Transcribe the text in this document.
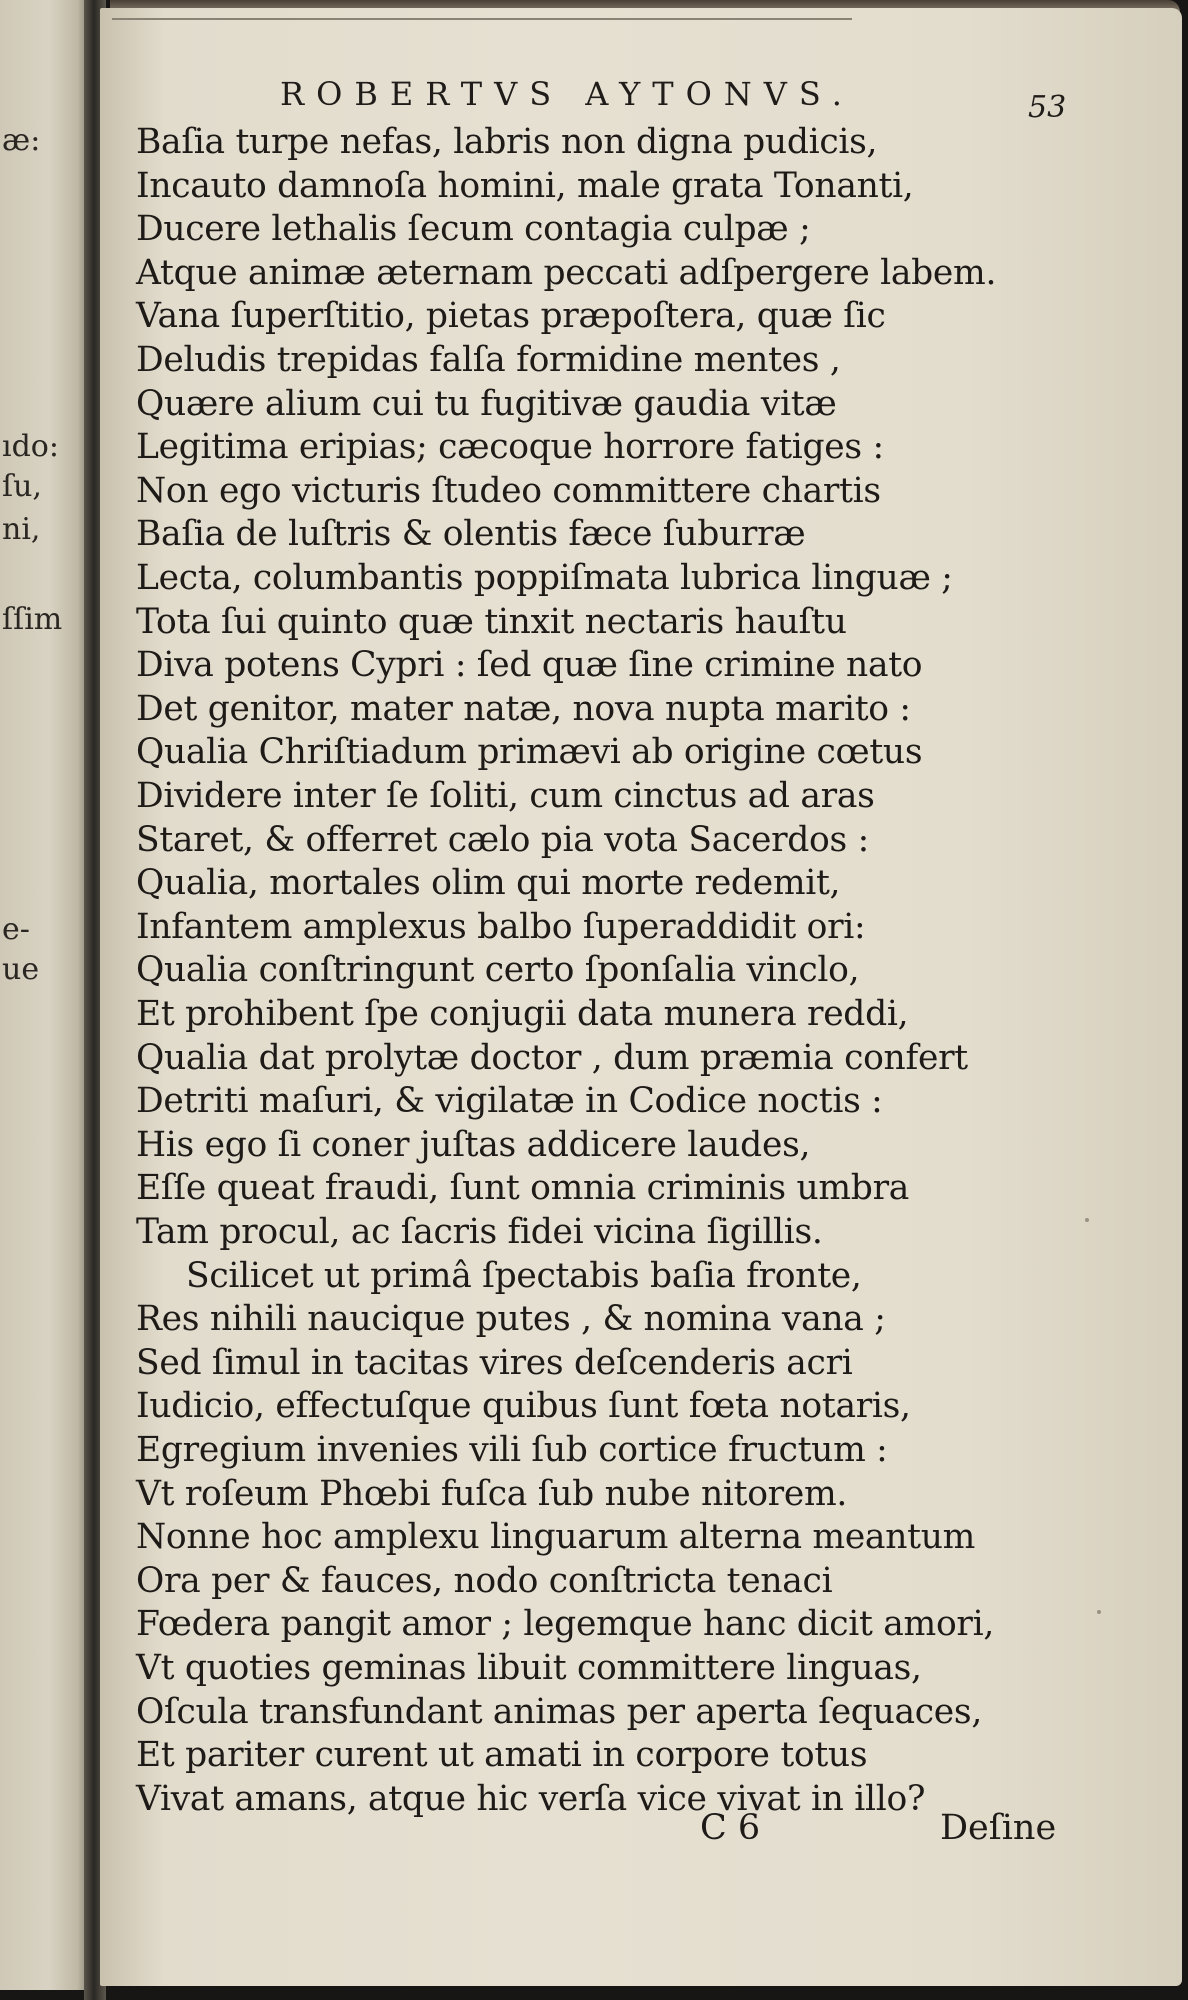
æ:
ıdo:
ſu,
ni,
ſſim
e-
ue
ROBERTVS AYTONVS.	53
Baſia turpe nefas, labris non digna pudicis,
Incauto damnoſa homini, male grata Tonanti,
Ducere lethalis ſecum contagia culpæ ;
Atque animæ æternam peccati adſpergere labem.
Vana ſuperſtitio, pietas præpoſtera, quæ ſic
Deludis trepidas falſa formidine mentes ,
Quære alium cui tu fugitivæ gaudia vitæ
Legitima eripias; cæcoque horrore fatiges :
Non ego victuris ſtudeo committere chartis
Baſia de luſtris & olentis fæce ſuburræ
Lecta, columbantis poppiſmata lubrica linguæ ;
Tota ſui quinto quæ tinxit nectaris hauſtu
Diva potens Cypri : ſed quæ ſine crimine nato
Det genitor, mater natæ, nova nupta marito :
Qualia Chriſtiadum primævi ab origine cœtus
Dividere inter ſe ſoliti, cum cinctus ad aras
Staret, & offerret cælo pia vota Sacerdos :
Qualia, mortales olim qui morte redemit,
Infantem amplexus balbo ſuperaddidit ori:
Qualia conſtringunt certo ſponſalia vinclo,
Et prohibent ſpe conjugii data munera reddi,
Qualia dat prolytæ doctor , dum præmia confert
Detriti maſuri, & vigilatæ in Codice noctis :
His ego ſi coner juſtas addicere laudes,
Eſſe queat fraudi, ſunt omnia criminis umbra
Tam procul, ac ſacris fidei vicina ſigillis.
Scilicet ut primâ ſpectabis baſia fronte,
Res nihili naucique putes , & nomina vana ;
Sed ſimul in tacitas vires deſcenderis acri
Iudicio, effectuſque quibus ſunt fœta notaris,
Egregium invenies vili ſub cortice fructum :
Vt roſeum Phœbi fuſca ſub nube nitorem.
Nonne hoc amplexu linguarum alterna meantum
Ora per & fauces, nodo conſtricta tenaci
Fœdera pangit amor ; legemque hanc dicit amori,
Vt quoties geminas libuit committere linguas,
Oſcula transfundant animas per aperta ſequaces,
Et pariter curent ut amati in corpore totus
Vivat amans, atque hic verſa vice vivat in illo?
C 6	Deſine
